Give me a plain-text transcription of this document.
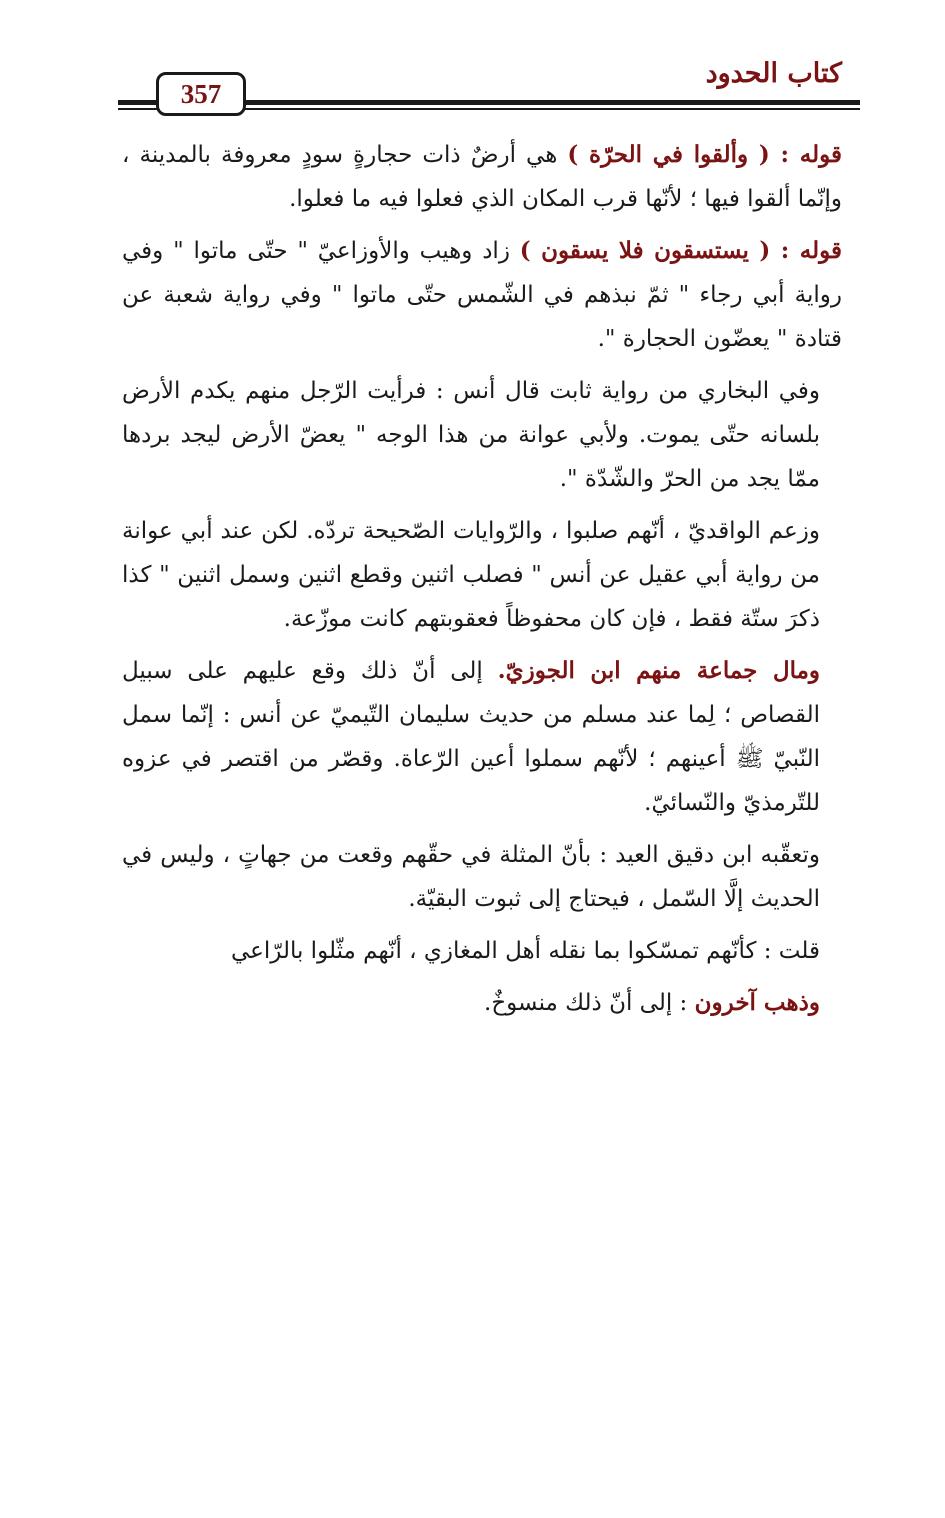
كتاب الحدود
357

قوله : ( وألقوا في الحرّة ) هي أرضٌ ذات حجارةٍ سودٍ معروفة بالمدينة ، وإنّما ألقوا فيها ؛ لأنّها قرب المكان الذي فعلوا فيه ما فعلوا.

قوله : ( يستسقون فلا يسقون ) زاد وهيب والأوزاعيّ " حتّى ماتوا " وفي رواية أبي رجاء " ثمّ نبذهم في الشّمس حتّى ماتوا " وفي رواية شعبة عن قتادة " يعضّون الحجارة ".

وفي البخاري من رواية ثابت قال أنس : فرأيت الرّجل منهم يكدم الأرض بلسانه حتّى يموت. ولأبي عوانة من هذا الوجه " يعضّ الأرض ليجد بردها ممّا يجد من الحرّ والشّدّة ".

وزعم الواقديّ ، أنّهم صلبوا ، والرّوايات الصّحيحة تردّه. لكن عند أبي عوانة من رواية أبي عقيل عن أنس " فصلب اثنين وقطع اثنين وسمل اثنين " كذا ذكرَ ستّة فقط ، فإن كان محفوظاً فعقوبتهم كانت موزّعة.

ومال جماعة منهم ابن الجوزيّ. إلى أنّ ذلك وقع عليهم على سبيل القصاص ؛ لِما عند مسلم من حديث سليمان التّيميّ عن أنس : إنّما سمل النّبيّ ﷺ أعينهم ؛ لأنّهم سملوا أعين الرّعاة. وقصّر من اقتصر في عزوه للتّرمذيّ والنّسائيّ.

وتعقّبه ابن دقيق العيد : بأنّ المثلة في حقّهم وقعت من جهاتٍ ، وليس في الحديث إلَّا السّمل ، فيحتاج إلى ثبوت البقيّة.

قلت : كأنّهم تمسّكوا بما نقله أهل المغازي ، أنّهم مثّلوا بالرّاعي

وذهب آخرون : إلى أنّ ذلك منسوخٌ.
